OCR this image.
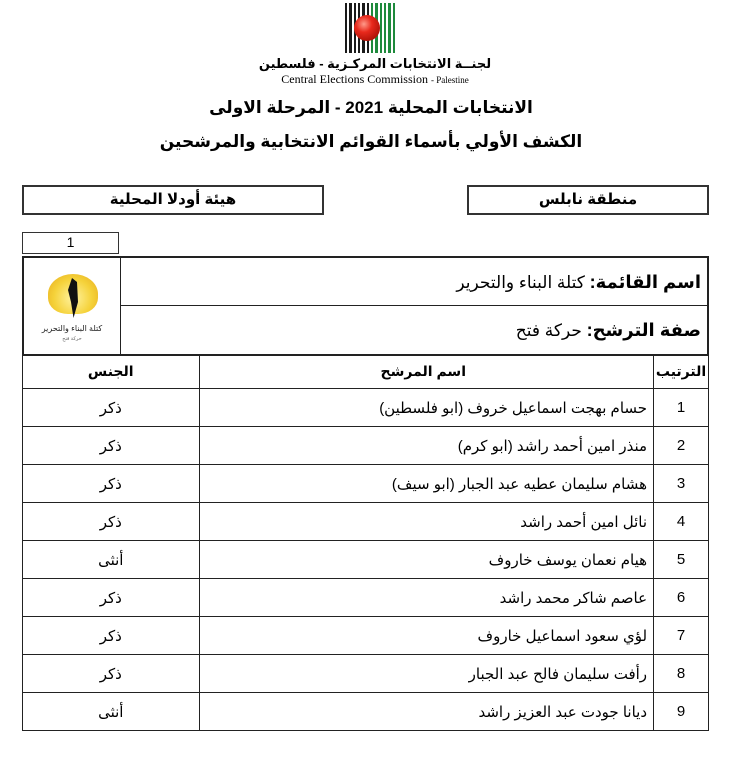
لجنــة الانتخابات المركـزية - فلسطين
Central Elections Commission - Palestine
الانتخابات المحلية 2021 - المرحلة الاولى
الكشف الأولي بأسماء القوائم الانتخابية والمرشحين
هيئة أودلا المحلية	منطقة نابلس
1
كتلة البناء والتحرير
حركة فتح
اسم القائمة: كتلة البناء والتحرير
صفة الترشح: حركة فتح
الترتيب	اسم المرشح	الجنس
1	حسام بهجت اسماعيل خروف (ابو فلسطين)	ذكر
2	منذر امين أحمد راشد (ابو كرم)	ذكر
3	هشام سليمان عطيه عبد الجبار (ابو سيف)	ذكر
4	نائل امين أحمد راشد	ذكر
5	هيام نعمان يوسف خاروف	أنثى
6	عاصم شاكر محمد راشد	ذكر
7	لؤي سعود اسماعيل خاروف	ذكر
8	رأفت سليمان فالح عبد الجبار	ذكر
9	ديانا جودت عبد العزيز راشد	أنثى
